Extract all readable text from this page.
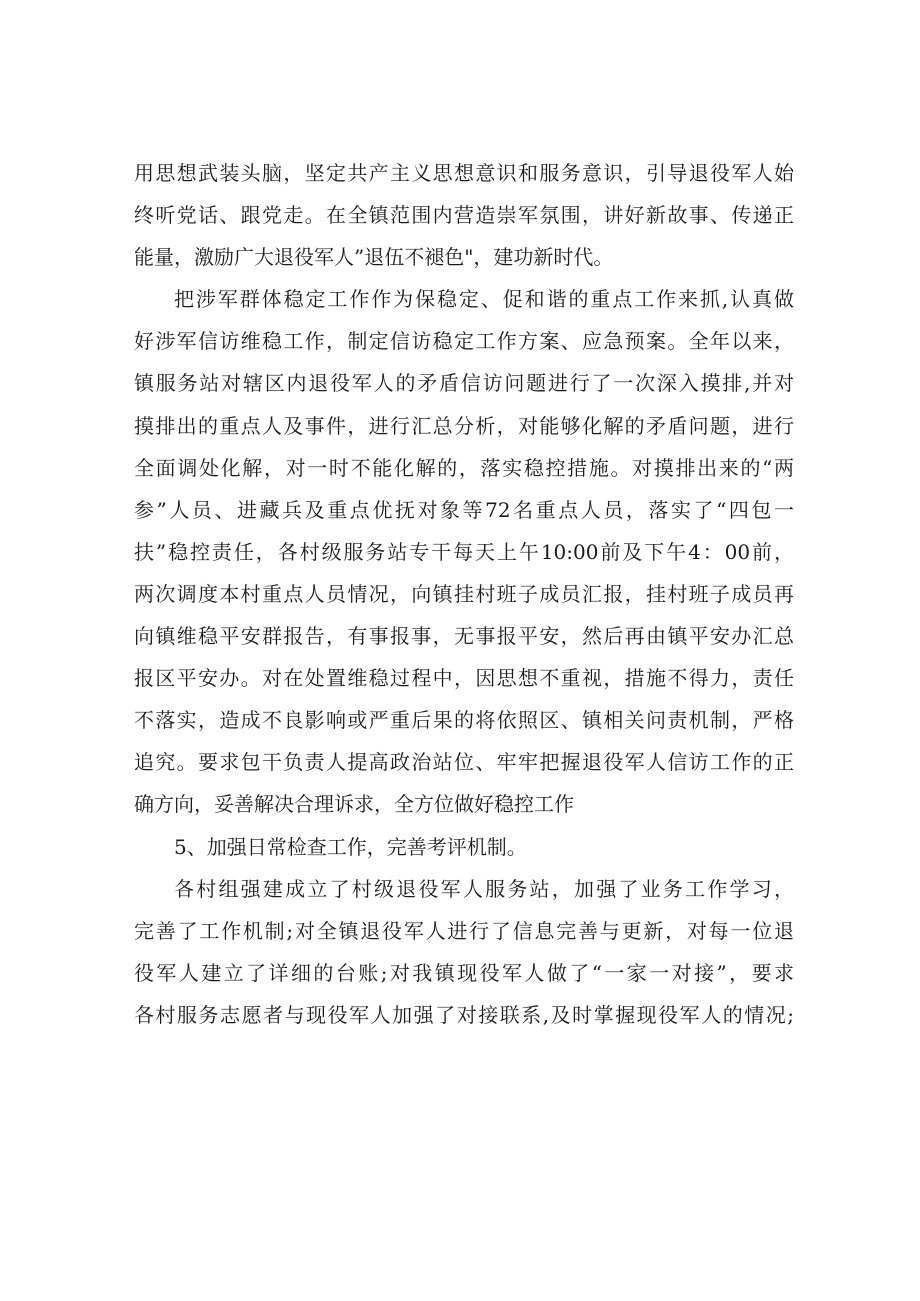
用思想武装头脑，坚定共产主义思想意识和服务意识，引导退役军人始
终听党话、跟党走。在全镇范围内营造崇军氛围，讲好新故事、传递正
能量，激励广大退役军人”退伍不褪色"，建功新时代。
把涉军群体稳定工作作为保稳定、促和谐的重点工作来抓,认真做
好涉军信访维稳工作，制定信访稳定工作方案、应急预案。全年以来，
镇服务站对辖区内退役军人的矛盾信访问题进行了一次深入摸排,并对
摸排出的重点人及事件，进行汇总分析，对能够化解的矛盾问题，进行
全面调处化解，对一时不能化解的，落实稳控措施。对摸排出来的“两
参”人员、进藏兵及重点优抚对象等72名重点人员，落实了“四包一
扶”稳控责任，各村级服务站专干每天上午10:00前及下午4：00前，
两次调度本村重点人员情况，向镇挂村班子成员汇报，挂村班子成员再
向镇维稳平安群报告，有事报事，无事报平安，然后再由镇平安办汇总
报区平安办。对在处置维稳过程中，因思想不重视，措施不得力，责任
不落实，造成不良影响或严重后果的将依照区、镇相关问责机制，严格
追究。要求包干负责人提高政治站位、牢牢把握退役军人信访工作的正
确方向，妥善解决合理诉求，全方位做好稳控工作
5、加强日常检查工作，完善考评机制。
各村组强建成立了村级退役军人服务站，加强了业务工作学习，
完善了工作机制;对全镇退役军人进行了信息完善与更新，对每一位退
役军人建立了详细的台账;对我镇现役军人做了“一家一对接”，要求
各村服务志愿者与现役军人加强了对接联系,及时掌握现役军人的情况;
